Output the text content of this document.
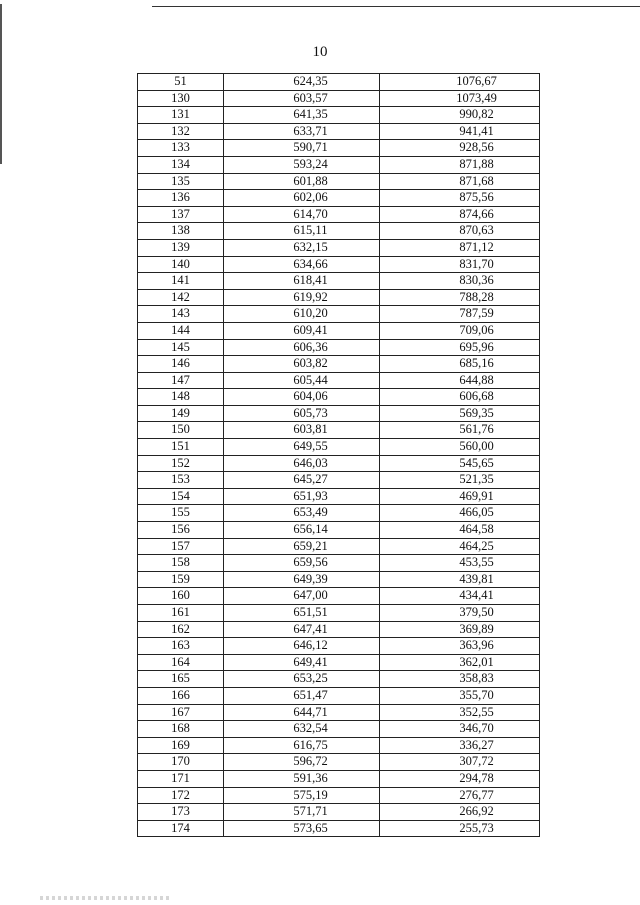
10
51	624,35	1076,67
130	603,57	1073,49
131	641,35	990,82
132	633,71	941,41
133	590,71	928,56
134	593,24	871,88
135	601,88	871,68
136	602,06	875,56
137	614,70	874,66
138	615,11	870,63
139	632,15	871,12
140	634,66	831,70
141	618,41	830,36
142	619,92	788,28
143	610,20	787,59
144	609,41	709,06
145	606,36	695,96
146	603,82	685,16
147	605,44	644,88
148	604,06	606,68
149	605,73	569,35
150	603,81	561,76
151	649,55	560,00
152	646,03	545,65
153	645,27	521,35
154	651,93	469,91
155	653,49	466,05
156	656,14	464,58
157	659,21	464,25
158	659,56	453,55
159	649,39	439,81
160	647,00	434,41
161	651,51	379,50
162	647,41	369,89
163	646,12	363,96
164	649,41	362,01
165	653,25	358,83
166	651,47	355,70
167	644,71	352,55
168	632,54	346,70
169	616,75	336,27
170	596,72	307,72
171	591,36	294,78
172	575,19	276,77
173	571,71	266,92
174	573,65	255,73
